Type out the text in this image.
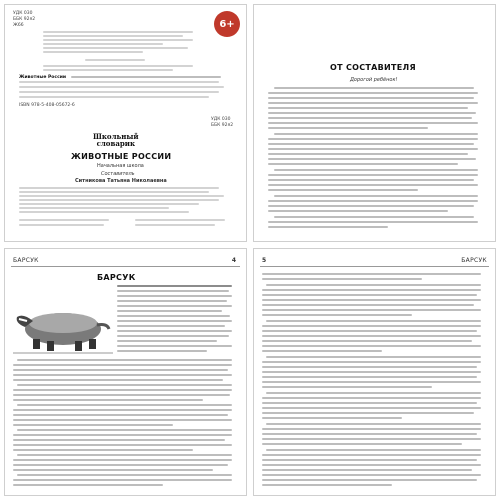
6+
УДК 030
ББК 92я2
Ж66
Животные России
ISBN 978-5-408-05672-6
УДК 030
ББК 92я2
Школьный
словарик
ЖИВОТНЫЕ РОССИИ
Начальная школа
Составитель
Ситникова Татьяна Николаевна
ОТ СОСТАВИТЕЛЯ
Дорогой ребёнок!
БАРСУК	4
БАРСУК
5	БАРСУК
